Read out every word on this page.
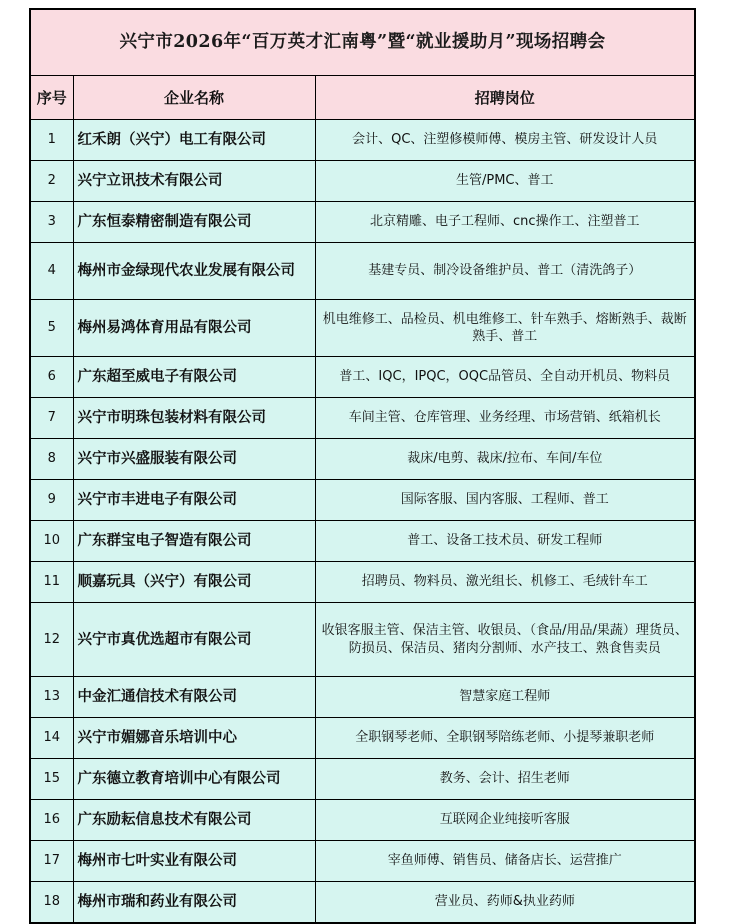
兴宁市2026年“百万英才汇南粤”暨“就业援助月”现场招聘会		
序号	企业名称	招聘岗位
1	红禾朗（兴宁）电工有限公司	会计、QC、注塑修模师傅、模房主管、研发设计人员
2	兴宁立讯技术有限公司	生管/PMC、普工
3	广东恒泰精密制造有限公司	北京精雕、电子工程师、cnc操作工、注塑普工
4	梅州市金绿现代农业发展有限公司	基建专员、制冷设备维护员、普工（清洗鸽子）
5	梅州易鸿体育用品有限公司	机电维修工、品检员、机电维修工、针车熟手、熔断熟手、裁断熟手、普工
6	广东超至威电子有限公司	普工、IQC，IPQC，OQC品管员、全自动开机员、物料员
7	兴宁市明珠包装材料有限公司	车间主管、仓库管理、业务经理、市场营销、纸箱机长
8	兴宁市兴盛服装有限公司	裁床/电剪、裁床/拉布、车间/车位
9	兴宁市丰进电子有限公司	国际客服、国内客服、工程师、普工
10	广东群宝电子智造有限公司	普工、设备工技术员、研发工程师
11	顺嘉玩具（兴宁）有限公司	招聘员、物料员、激光组长、机修工、毛绒针车工
12	兴宁市真优选超市有限公司	收银客服主管、保洁主管、收银员、（食品/用品/果蔬）理货员、防损员、保洁员、猪肉分割师、水产技工、熟食售卖员
13	中金汇通信技术有限公司	智慧家庭工程师
14	兴宁市媚娜音乐培训中心	全职钢琴老师、全职钢琴陪练老师、小提琴兼职老师
15	广东德立教育培训中心有限公司	教务、会计、招生老师
16	广东励耘信息技术有限公司	互联网企业纯接听客服
17	梅州市七叶实业有限公司	宰鱼师傅、销售员、储备店长、运营推广
18	梅州市瑞和药业有限公司	营业员、药师&执业药师
